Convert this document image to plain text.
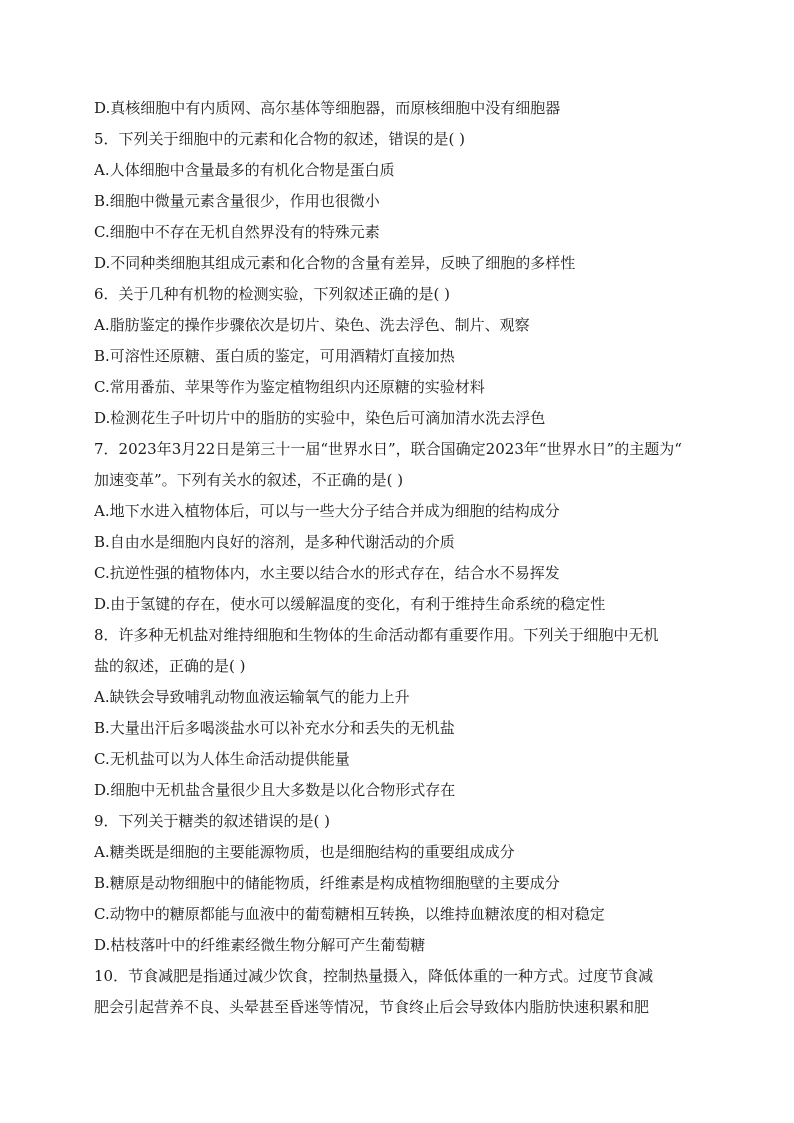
D.真核细胞中有内质网、高尔基体等细胞器，而原核细胞中没有细胞器
5．下列关于细胞中的元素和化合物的叙述，错误的是( )
A.人体细胞中含量最多的有机化合物是蛋白质
B.细胞中微量元素含量很少，作用也很微小
C.细胞中不存在无机自然界没有的特殊元素
D.不同种类细胞其组成元素和化合物的含量有差异，反映了细胞的多样性
6．关于几种有机物的检测实验，下列叙述正确的是( )
A.脂肪鉴定的操作步骤依次是切片、染色、洗去浮色、制片、观察
B.可溶性还原糖、蛋白质的鉴定，可用酒精灯直接加热
C.常用番茄、苹果等作为鉴定植物组织内还原糖的实验材料
D.检测花生子叶切片中的脂肪的实验中，染色后可滴加清水洗去浮色
7．2023年3月22日是第三十一届“世界水日”，联合国确定2023年“世界水日”的主题为“
加速变革”。下列有关水的叙述，不正确的是( )
A.地下水进入植物体后，可以与一些大分子结合并成为细胞的结构成分
B.自由水是细胞内良好的溶剂，是多种代谢活动的介质
C.抗逆性强的植物体内，水主要以结合水的形式存在，结合水不易挥发
D.由于氢键的存在，使水可以缓解温度的变化，有利于维持生命系统的稳定性
8．许多种无机盐对维持细胞和生物体的生命活动都有重要作用。下列关于细胞中无机
盐的叙述，正确的是( )
A.缺铁会导致哺乳动物血液运输氧气的能力上升
B.大量出汗后多喝淡盐水可以补充水分和丢失的无机盐
C.无机盐可以为人体生命活动提供能量
D.细胞中无机盐含量很少且大多数是以化合物形式存在
9．下列关于糖类的叙述错误的是( )
A.糖类既是细胞的主要能源物质，也是细胞结构的重要组成成分
B.糖原是动物细胞中的储能物质，纤维素是构成植物细胞壁的主要成分
C.动物中的糖原都能与血液中的葡萄糖相互转换，以维持血糖浓度的相对稳定
D.枯枝落叶中的纤维素经微生物分解可产生葡萄糖
10．节食减肥是指通过减少饮食，控制热量摄入，降低体重的一种方式。过度节食减
肥会引起营养不良、头晕甚至昏迷等情况，节食终止后会导致体内脂肪快速积累和肥
